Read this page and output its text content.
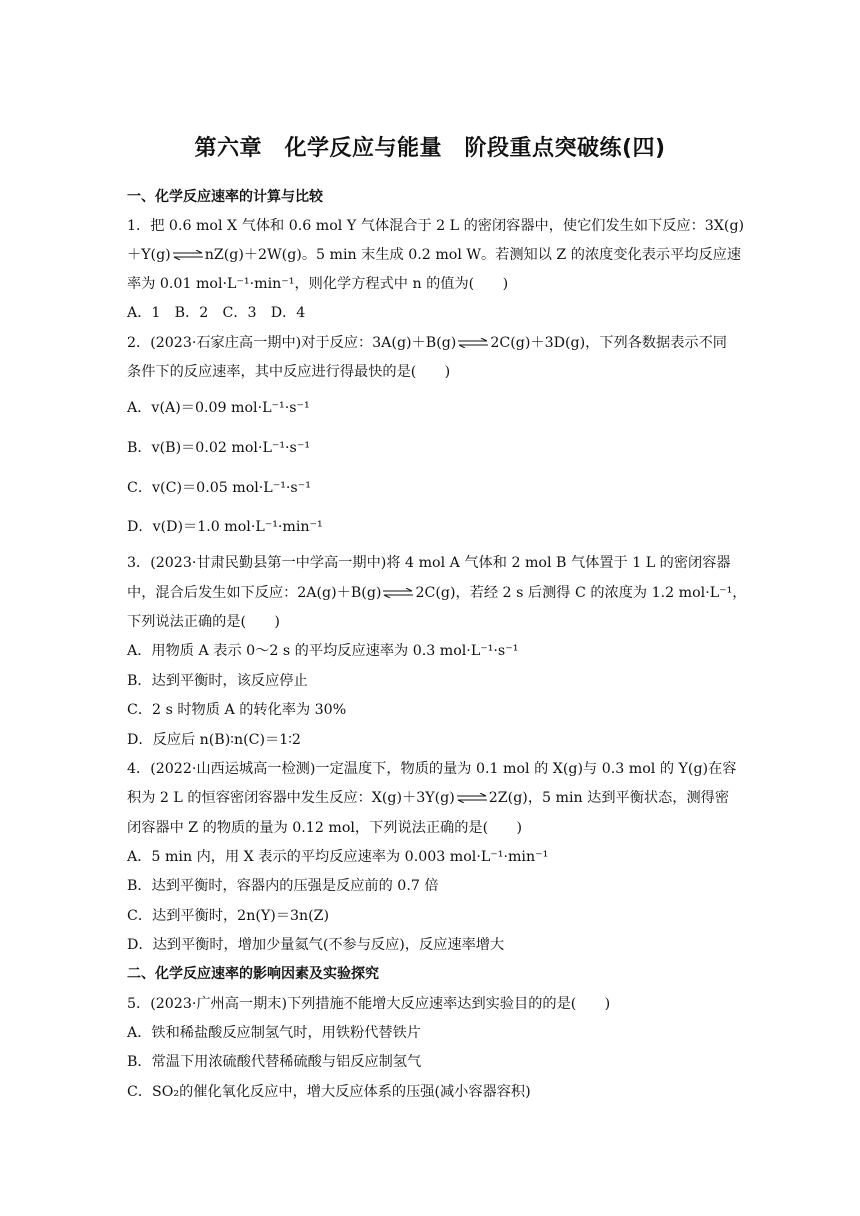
第六章　化学反应与能量　阶段重点突破练(四)
一、化学反应速率的计算与比较
1．把 0.6 mol X 气体和 0.6 mol Y 气体混合于 2 L 的密闭容器中，使它们发生如下反应：3X(g)
＋Y(g)⇌nZ(g)＋2W(g)。5 min 末生成 0.2 mol W。若测知以 Z 的浓度变化表示平均反应速
率为 0.01 mol·L⁻¹·min⁻¹，则化学方程式中 n 的值为(　　)
A．1　B．2　C．3　D．4
2．(2023·石家庄高一期中)对于反应：3A(g)＋B(g)⇌2C(g)＋3D(g)，下列各数据表示不同
条件下的反应速率，其中反应进行得最快的是(　　)
A．v(A)＝0.09 mol·L⁻¹·s⁻¹
B．v(B)＝0.02 mol·L⁻¹·s⁻¹
C．v(C)＝0.05 mol·L⁻¹·s⁻¹
D．v(D)＝1.0 mol·L⁻¹·min⁻¹
3．(2023·甘肃民勤县第一中学高一期中)将 4 mol A 气体和 2 mol B 气体置于 1 L 的密闭容器
中，混合后发生如下反应：2A(g)＋B(g)⇌2C(g)，若经 2 s 后测得 C 的浓度为 1.2 mol·L⁻¹，
下列说法正确的是(　　)
A．用物质 A 表示 0～2 s 的平均反应速率为 0.3 mol·L⁻¹·s⁻¹
B．达到平衡时，该反应停止
C．2 s 时物质 A 的转化率为 30%
D．反应后 n(B)∶n(C)＝1∶2
4．(2022·山西运城高一检测)一定温度下，物质的量为 0.1 mol 的 X(g)与 0.3 mol 的 Y(g)在容
积为 2 L 的恒容密闭容器中发生反应：X(g)＋3Y(g)⇌2Z(g)，5 min 达到平衡状态，测得密
闭容器中 Z 的物质的量为 0.12 mol，下列说法正确的是(　　)
A．5 min 内，用 X 表示的平均反应速率为 0.003 mol·L⁻¹·min⁻¹
B．达到平衡时，容器内的压强是反应前的 0.7 倍
C．达到平衡时，2n(Y)＝3n(Z)
D．达到平衡时，增加少量氦气(不参与反应)，反应速率增大
二、化学反应速率的影响因素及实验探究
5．(2023·广州高一期末)下列措施不能增大反应速率达到实验目的的是(　　)
A．铁和稀盐酸反应制氢气时，用铁粉代替铁片
B．常温下用浓硫酸代替稀硫酸与铝反应制氢气
C．SO₂的催化氧化反应中，增大反应体系的压强(减小容器容积)
